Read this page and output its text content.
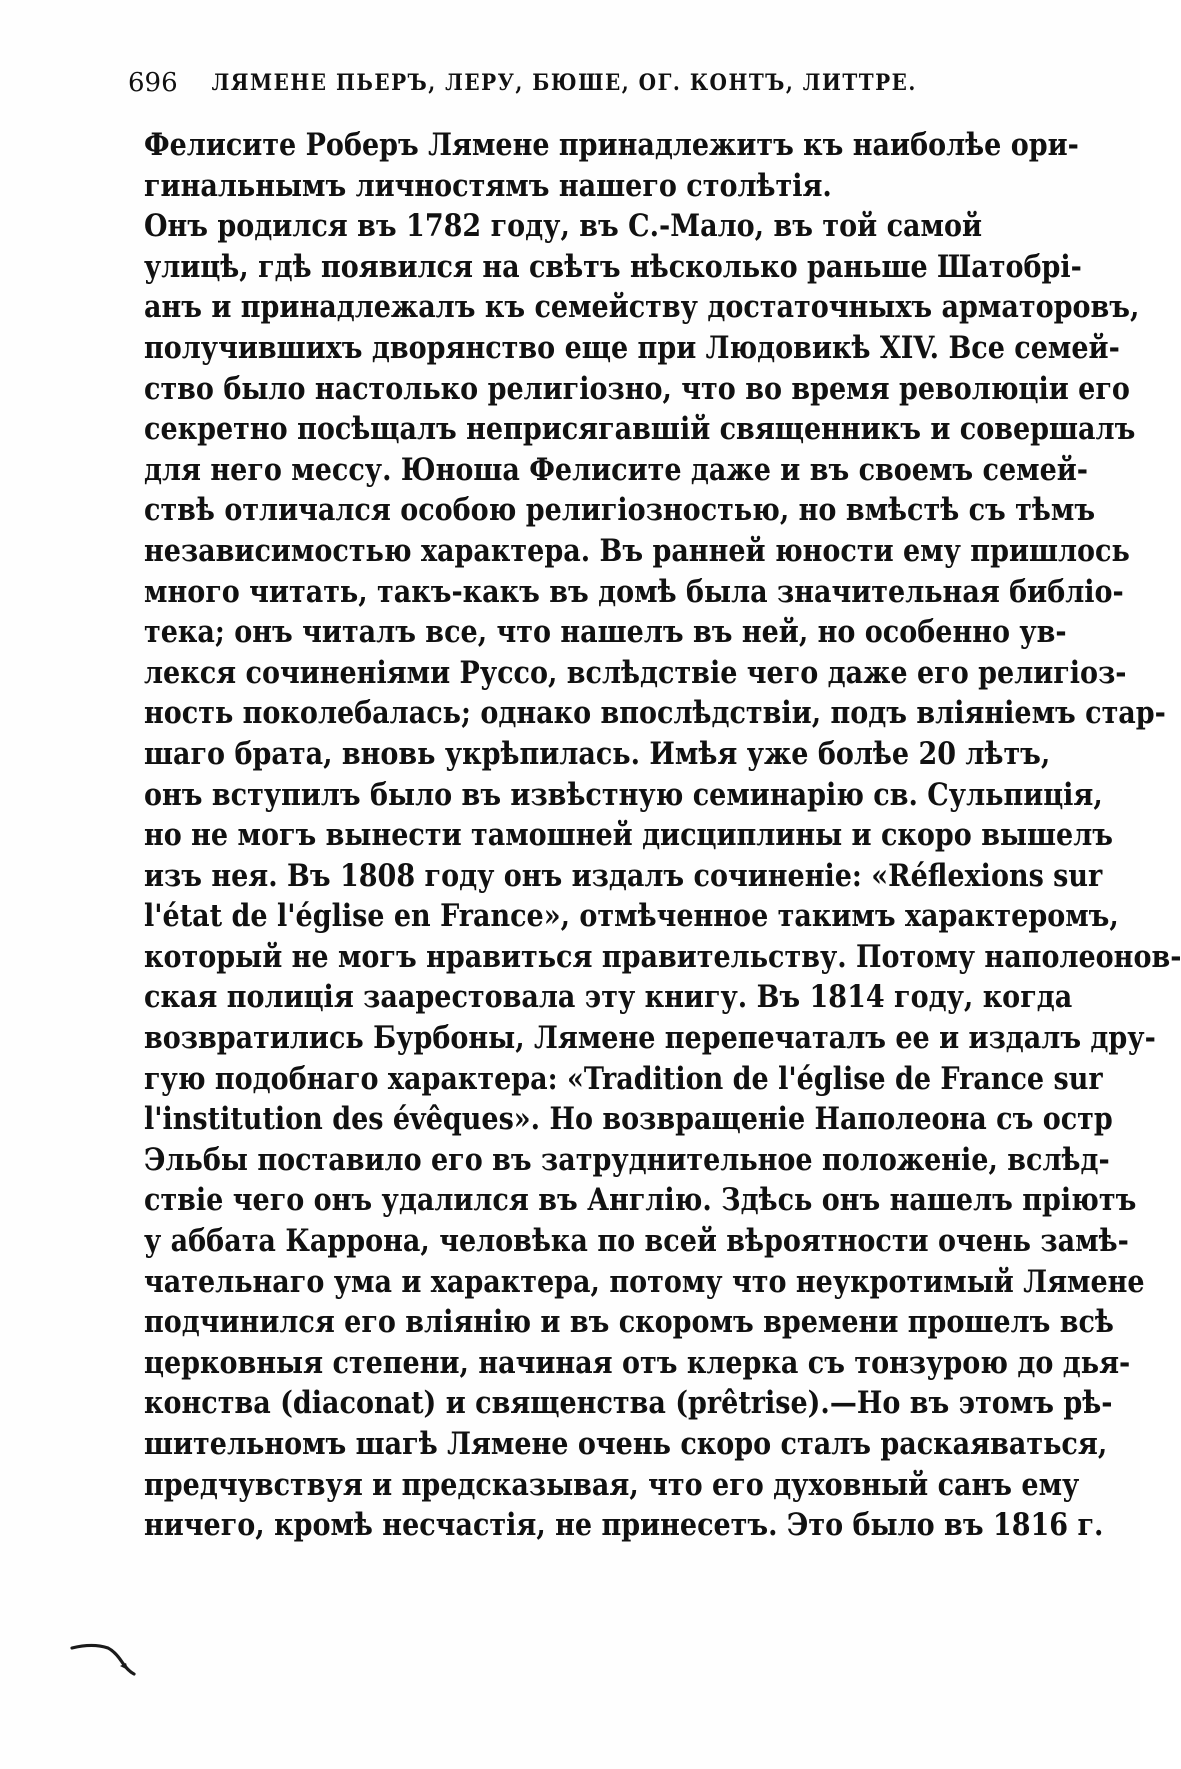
696 ЛЯМЕНЕ ПЬЕРЪ, ЛЕРУ, БЮШЕ, ОГ. КОНТЪ, ЛИТТРЕ.
Фелисите Роберъ Лямене принадлежитъ къ наиболѣе ори-
гинальнымъ личностямъ нашего столѣтія.
Онъ родился въ 1782 году, въ С.-Мало, въ той самой
улицѣ, гдѣ появился на свѣтъ нѣсколько раньше Шатобрі-
анъ и принадлежалъ къ семейству достаточныхъ арматоровъ,
получившихъ дворянство еще при Людовикѣ XIV. Все семей-
ство было настолько религіозно, что во время революціи его
секретно посѣщалъ неприсягавшій священникъ и совершалъ
для него мессу. Юноша Фелисите даже и въ своемъ семей-
ствѣ отличался особою религіозностью, но вмѣстѣ съ тѣмъ
независимостью характера. Въ ранней юности ему пришлось
много читать, такъ-какъ въ домѣ была значительная библіо-
тека; онъ читалъ все, что нашелъ въ ней, но особенно ув-
лекся сочиненіями Руссо, вслѣдствіе чего даже его религіоз-
ность поколебалась; однако впослѣдствіи, подъ вліяніемъ стар-
шаго брата, вновь укрѣпилась. Имѣя уже болѣе 20 лѣтъ,
онъ вступилъ было въ извѣстную семинарію св. Сульпиція,
но не могъ вынести тамошней дисциплины и скоро вышелъ
изъ нея. Въ 1808 году онъ издалъ сочиненіе: «Réflexions sur
l'état de l'église en France», отмѣченное такимъ характеромъ,
который не могъ нравиться правительству. Потому наполеонов-
ская полиція заарестовала эту книгу. Въ 1814 году, когда
возвратились Бурбоны, Лямене перепечаталъ ее и издалъ дру-
гую подобнаго характера: «Tradition de l'église de France sur
l'institution des évêques». Но возвращеніе Наполеона съ остр
Эльбы поставило его въ затруднительное положеніе, вслѣд-
ствіе чего онъ удалился въ Англію. Здѣсь онъ нашелъ пріютъ
у аббата Каррона, человѣка по всей вѣроятности очень замѣ-
чательнаго ума и характера, потому что неукротимый Лямене
подчинился его вліянію и въ скоромъ времени прошелъ всѣ
церковныя степени, начиная отъ клерка съ тонзурою до дья-
конства (diaconat) и священства (prêtrise).—Но въ этомъ рѣ-
шительномъ шагѣ Лямене очень скоро сталъ раскаяваться,
предчувствуя и предсказывая, что его духовный санъ ему
ничего, кромѣ несчастія, не принесетъ. Это было въ 1816 г.
